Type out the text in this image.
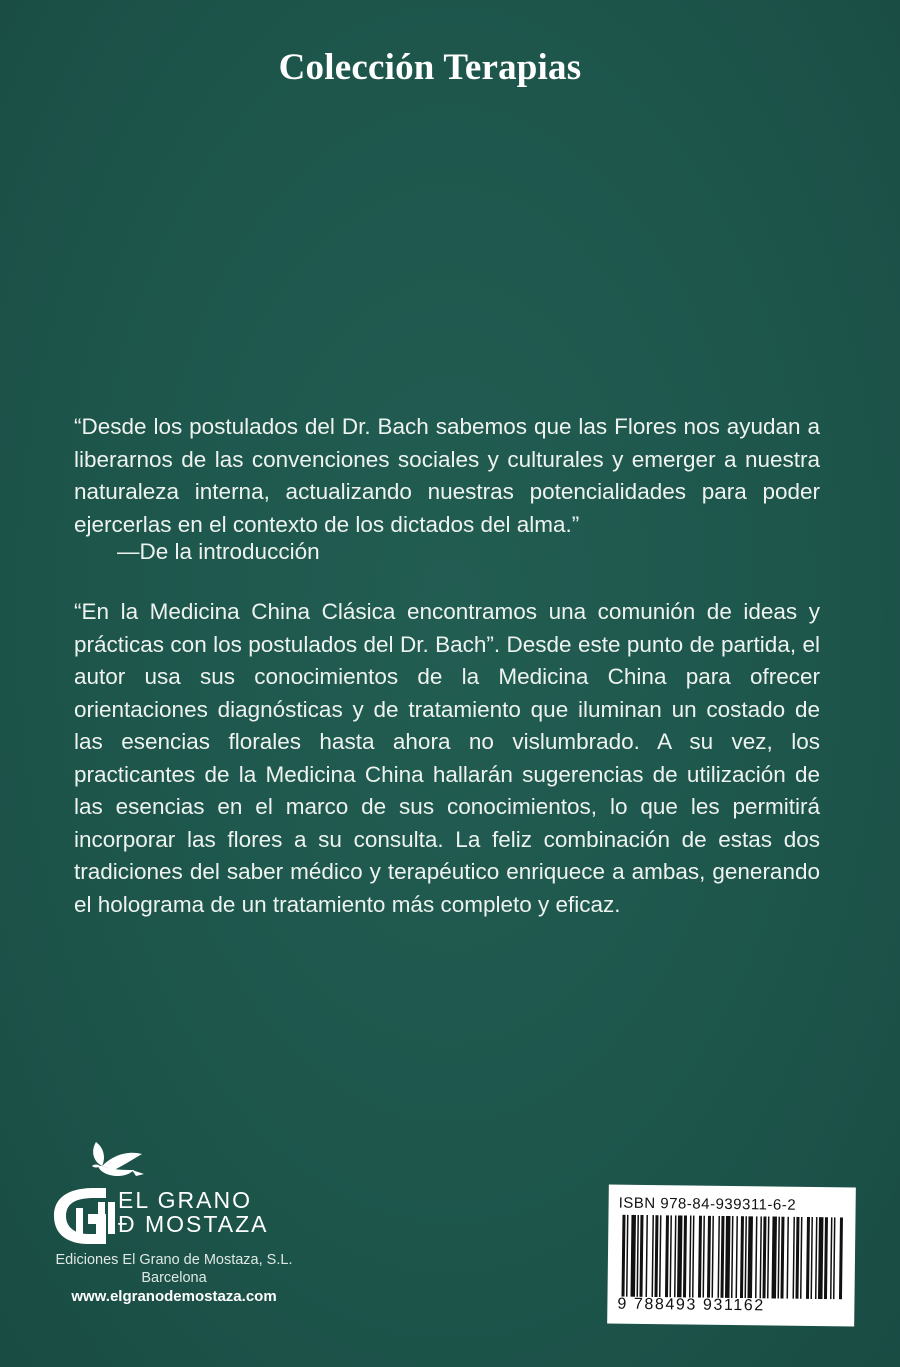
Colección Terapias

“Desde los postulados del Dr. Bach sabemos que las Flores nos ayudan a liberarnos de las convenciones sociales y culturales y emerger a nuestra naturaleza interna, actualizando nuestras potencialidades para poder ejercerlas en el contexto de los dictados del alma.”

—De la introducción

“En la Medicina China Clásica encontramos una comunión de ideas y prácticas con los postulados del Dr. Bach”. Desde este punto de partida, el autor usa sus conocimientos de la Medicina China para ofrecer orientaciones diagnósticas y de tratamiento que iluminan un costado de las esencias florales hasta ahora no vislumbrado. A su vez, los practicantes de la Medicina China hallarán sugerencias de utilización de las esencias en el marco de sus conocimientos, lo que les permitirá incorporar las flores a su consulta. La feliz combinación de estas dos tradiciones del saber médico y terapéutico enriquece a ambas, generando el holograma de un tratamiento más completo y eficaz.

EL GRANO
Ð MOSTAZA
Ediciones El Grano de Mostaza, S.L.
Barcelona
www.elgranodemostaza.com
ISBN 978-84-939311-6-2
9 788493 931162
